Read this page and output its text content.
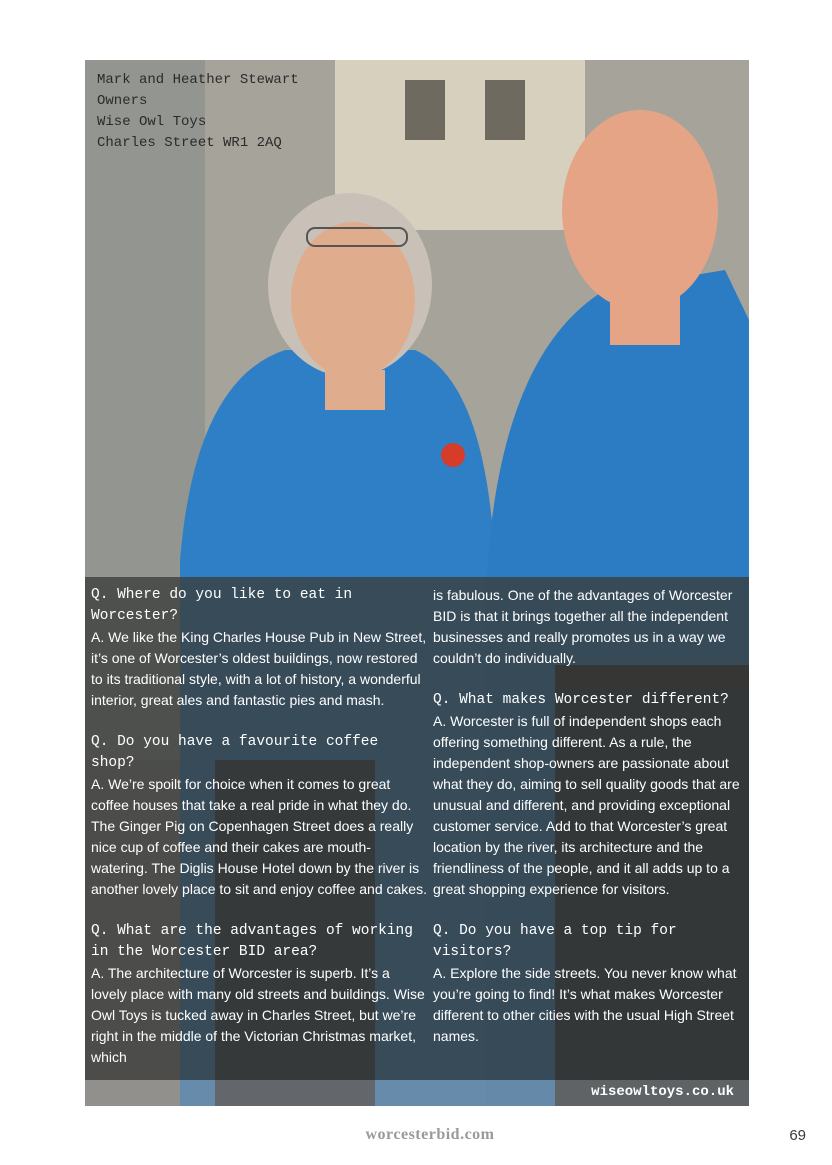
Mark and Heather Stewart
Owners
Wise Owl Toys
Charles Street WR1 2AQ

Q. Where do you like to eat in Worcester?

A. We like the King Charles House Pub in New Street, it’s one of Worcester’s oldest buildings, now restored to its traditional style, with a lot of history, a wonderful interior, great ales and fantastic pies and mash.

Q. Do you have a favourite coffee shop?

A. We’re spoilt for choice when it comes to great coffee houses that take a real pride in what they do. The Ginger Pig on Copenhagen Street does a really nice cup of coffee and their cakes are mouth-watering. The Diglis House Hotel down by the river is another lovely place to sit and enjoy coffee and cakes.

Q. What are the advantages of working

in the Worcester BID area?

A. The architecture of Worcester is superb. It’s a lovely place with many old streets and buildings. Wise Owl Toys is tucked away in Charles Street, but we’re right in the middle of the Victorian Christmas market, which

is fabulous. One of the advantages of Worcester BID is that it brings together all the independent businesses and really promotes us in a way we couldn’t do individually.

Q. What makes Worcester different?

A. Worcester is full of independent shops each offering something different. As a rule, the independent shop-owners are passionate about what they do, aiming to sell quality goods that are unusual and different, and providing exceptional customer service. Add to that Worcester’s great location by the river, its architecture and the friendliness of the people, and it all adds up to a great shopping experience for visitors.

Q. Do you have a top tip for visitors?

A. Explore the side streets. You never know what you’re going to find! It’s what makes Worcester different to other cities with the usual High Street names.

wiseowltoys.co.uk

worcesterbid.com	69
